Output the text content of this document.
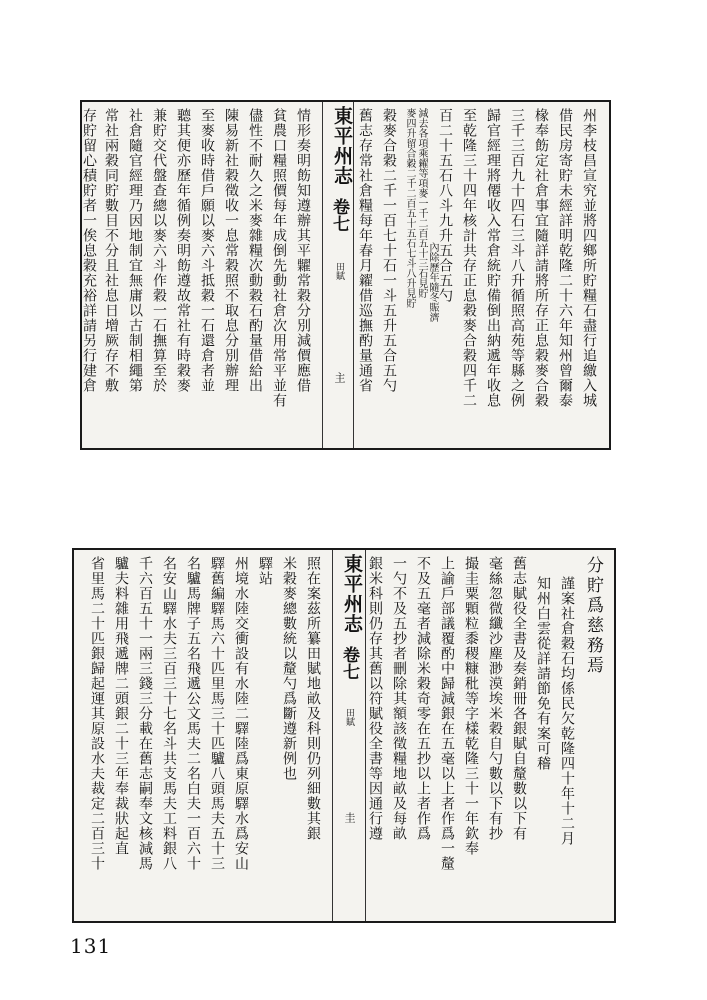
州李枝昌宣究並將四鄉所貯糧石盡行追繳入城
借民房寄貯未經詳明乾隆二十六年知州曾爾泰
椽奉飭定社倉事宜隨詳請將所存正息穀麥合穀
三千三百九十四石三斗八升循照高苑等縣之例
歸官經理將僊收入常倉統貯備倒出納遞年收息
至乾隆三十四年核計共存正息穀麥合穀四千二
百二十五石八斗九升五合五勺
內除歷年隨冬賑濟
減去各項乘糴等項麥一千二百五十三石見貯
麥四升留合穀二千二百五十五石七斗八升見貯
穀麥合穀二千一百七十石一斗五升五合五勺
舊志存常社倉糧每年春月糴借巡撫酌量通省
東平州志
卷七
田賦
主
情形奏明飭知遵辦其平糶常穀分別減價應借
貧農口糧照價每年成倒先動社倉次用常平並有
儘性不耐久之米麥雜糧次動穀石酌量借給出
陳易新社穀徵收一息常穀照不取息分別辦理
至麥收時借戶願以麥六斗抵穀一石還倉者並
聽其便亦歷年循例奏明飭遵故常社有時穀麥
兼貯交代盤查總以麥六斗作穀一石撫算至於
社倉隨官經理乃因地制宜無庸以古制相繩第
常社兩穀同貯數目不分且社息日增厥存不敷
存貯留心積貯者一俟息穀充裕詳請另行建倉
分貯爲慈務焉
謹案社倉穀石均係民欠乾隆四十年十二月
知州白雲從詳請節免有案可稽
舊志賦役全書及奏銷冊各銀賦自釐數以下有
毫絲忽微纖沙塵渺漠埃米穀自勺數以下有抄
撮圭粟顆粒黍稷糠秕等字樣乾隆三十一年欽奉
上諭戶部議覆酌中歸減銀在五毫以上者作爲一釐
不及五毫者減除米穀奇零在五抄以上者作爲
一勺不及五抄者刪除其額該徵糧地畝及每畝
銀米科則仍存其舊以符賦役全書等因通行遵
東平州志
卷七
田賦
圭
照在案茲所纂田賦地畝及科則仍列細數其銀
米穀麥總數統以釐勺爲斷遵新例也
驛站
州境水陸交衝設有水陸二驛陸爲東原驛水爲安山
驛舊編驛馬六十匹里馬三十匹驢八頭馬夫五十三
名驢馬牌子五名飛遞公文馬夫二名白夫一百六十
名安山驛水夫三百三十七名斗共支馬夫工料銀八
千六百五十一兩三錢三分載在舊志嗣奉文核減馬
驢夫料雜用飛遞牌二頭銀二十三年奉裁狀起直
省里馬二十匹銀歸起運其原設水夫裁定二百三十
131
